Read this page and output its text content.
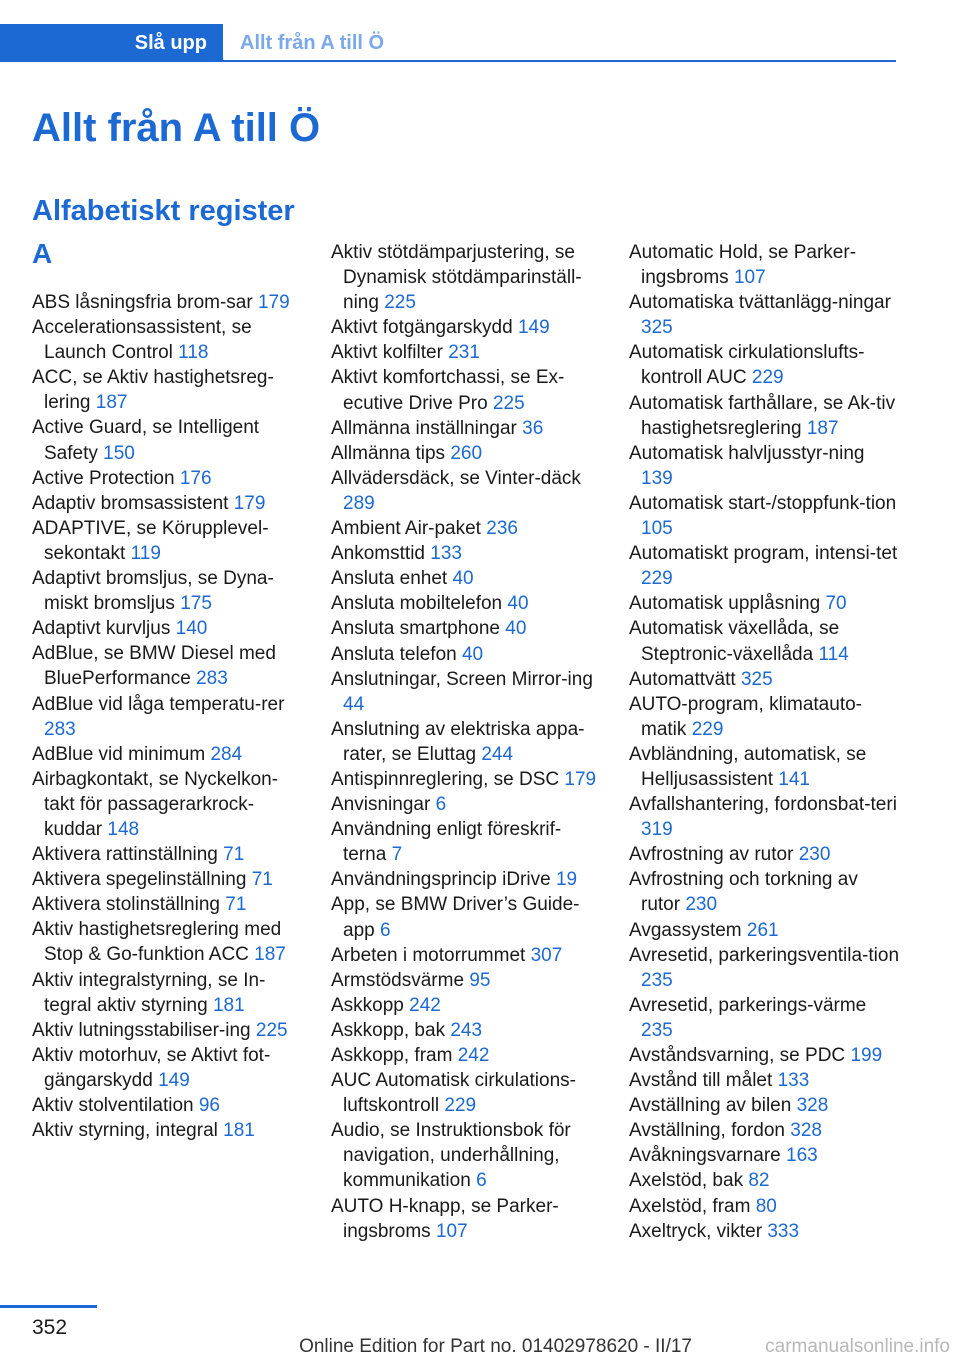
Slå upp	Allt från A till Ö
Allt från A till Ö
Alfabetiskt register
A
ABS låsningsfria brom-sar 179
Accelerationsassistent, se Launch Control 118
ACC, se Aktiv hastighetsreg-lering 187
Active Guard, se Intelligent Safety 150
Active Protection 176
Adaptiv bromsassistent 179
ADAPTIVE, se Körupplevel-sekontakt 119
Adaptivt bromsljus, se Dyna-miskt bromsljus 175
Adaptivt kurvljus 140
AdBlue, se BMW Diesel med BluePerformance 283
AdBlue vid låga temperatu-rer 283
AdBlue vid minimum 284
Airbagkontakt, se Nyckelkon-takt för passagerarkrock-kuddar 148
Aktivera rattinställning 71
Aktivera spegelinställning 71
Aktivera stolinställning 71
Aktiv hastighetsreglering med Stop & Go-funktion ACC 187
Aktiv integralstyrning, se In-tegral aktiv styrning 181
Aktiv lutningsstabiliser-ing 225
Aktiv motorhuv, se Aktivt fot-gängarskydd 149
Aktiv stolventilation 96
Aktiv styrning, integral 181
Aktiv stötdämparjustering, se Dynamisk stötdämparinställ-ning 225
Aktivt fotgängarskydd 149
Aktivt kolfilter 231
Aktivt komfortchassi, se Ex-ecutive Drive Pro 225
Allmänna inställningar 36
Allmänna tips 260
Allvädersdäck, se Vinter-däck 289
Ambient Air-paket 236
Ankomsttid 133
Ansluta enhet 40
Ansluta mobiltelefon 40
Ansluta smartphone 40
Ansluta telefon 40
Anslutningar, Screen Mirror-ing 44
Anslutning av elektriska appa-rater, se Eluttag 244
Antispinnreglering, se DSC 179
Anvisningar 6
Användning enligt föreskrif-terna 7
Användningsprincip iDrive 19
App, se BMW Driver’s Guide-app 6
Arbeten i motorrummet 307
Armstödsvärme 95
Askkopp 242
Askkopp, bak 243
Askkopp, fram 242
AUC Automatisk cirkulations-luftskontroll 229
Audio, se Instruktionsbok för navigation, underhållning, kommunikation 6
AUTO H-knapp, se Parker-ingsbroms 107
Automatic Hold, se Parker-ingsbroms 107
Automatiska tvättanlägg-ningar 325
Automatisk cirkulationslufts-kontroll AUC 229
Automatisk farthållare, se Ak-tiv hastighetsreglering 187
Automatisk halvljusstyr-ning 139
Automatisk start-/stoppfunk-tion 105
Automatiskt program, intensi-tet 229
Automatisk upplåsning 70
Automatisk växellåda, se Steptronic-växellåda 114
Automattvätt 325
AUTO-program, klimatauto-matik 229
Avbländning, automatisk, se Helljusassistent 141
Avfallshantering, fordonsbat-teri 319
Avfrostning av rutor 230
Avfrostning och torkning av rutor 230
Avgassystem 261
Avresetid, parkeringsventila-tion 235
Avresetid, parkerings-värme 235
Avståndsvarning, se PDC 199
Avstånd till målet 133
Avställning av bilen 328
Avställning, fordon 328
Avåkningsvarnare 163
Axelstöd, bak 82
Axelstöd, fram 80
Axeltryck, vikter 333
352
Online Edition for Part no. 01402978620 - II/17	carmanualsonline.info
